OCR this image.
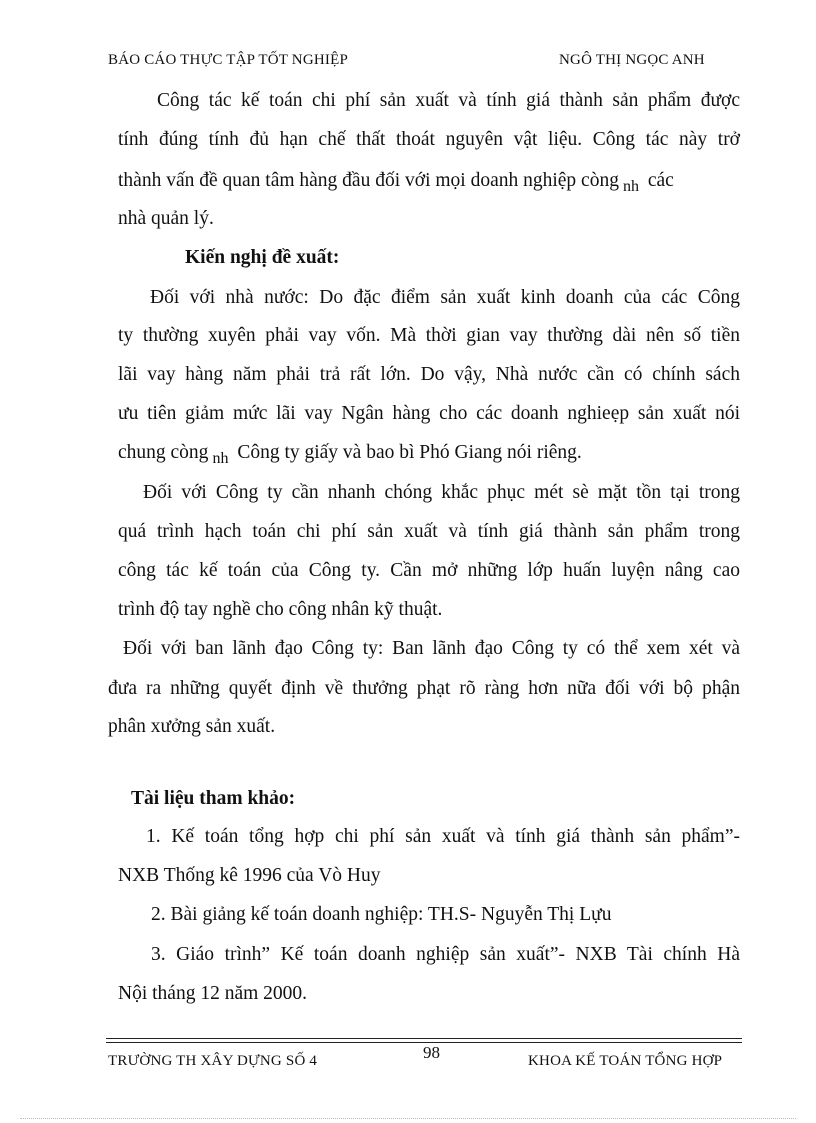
BÁO CÁO THỰC TẬP TỐT NGHIỆP	NGÔ THỊ NGỌC ANH
Công tác kế toán chi phí sản xuất và tính giá thành sản phẩm được
tính đúng tính đủ hạn chế thất thoát nguyên vật liệu. Công tác này trở
thành vấn đề quan tâm hàng đầu đối với mọi doanh nghiệp còng $_{nh}$ các
nhà quản lý.
Kiến nghị đề xuất:
Đối với nhà nước: Do đặc điểm sản xuất kinh doanh của các Công
ty thường xuyên phải vay vốn. Mà thời gian vay thường dài nên số tiền
lãi vay hàng năm phải trả rất lớn. Do vậy, Nhà nước cần có chính sách
ưu tiên giảm mức lãi vay Ngân hàng cho các doanh nghieẹp sản xuất nói
chung còng $_{nh}$ Công ty giấy và bao bì Phó Giang nói riêng.
Đối với Công ty cần nhanh chóng khắc phục mét sè mặt tồn tại trong
quá trình hạch toán chi phí sản xuất và tính giá thành sản phẩm trong
công tác kế toán của Công ty. Cần mở những lớp huấn luyện nâng cao
trình độ tay nghề cho công nhân kỹ thuật.
Đối với ban lãnh đạo Công ty: Ban lãnh đạo Công ty có thể xem xét và
đưa ra những quyết định về thưởng phạt rõ ràng hơn nữa đối với bộ phận
phân xưởng sản xuất.
Tài liệu tham khảo:
1. Kế toán tổng hợp chi phí sản xuất và tính giá thành sản phẩm”-
NXB Thống kê 1996 của Vò Huy
2. Bài giảng kế toán doanh nghiệp: TH.S- Nguyễn Thị Lựu
3. Giáo trình” Kế toán doanh nghiệp sản xuất”- NXB Tài chính Hà
Nội tháng 12 năm 2000.
98
TRƯỜNG TH XÂY DỰNG SỐ 4	KHOA KẾ TOÁN TỔNG HỢP
